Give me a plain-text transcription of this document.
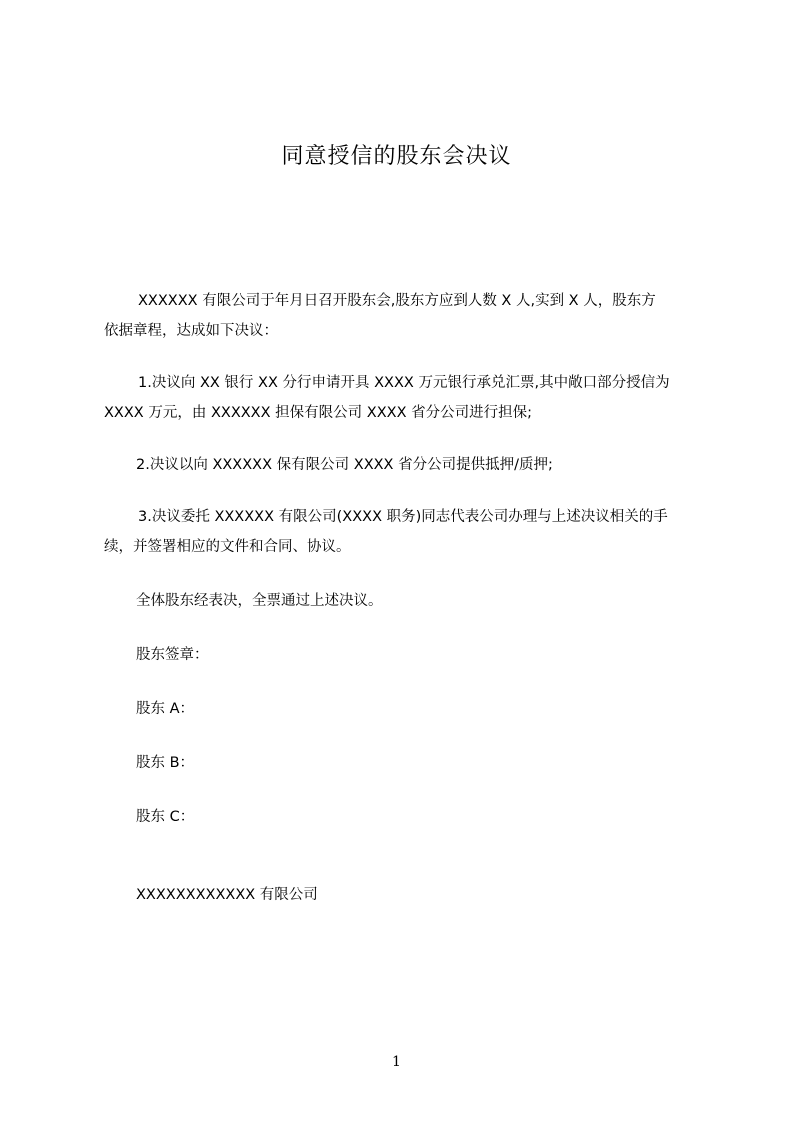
同意授信的股东会决议

XXXXXX 有限公司于年月日召开股东会,股东方应到人数 X 人,实到 X 人，股东方
依据章程，达成如下决议：

1.决议向 XX 银行 XX 分行申请开具 XXXX 万元银行承兑汇票,其中敞口部分授信为
XXXX 万元，由 XXXXXX 担保有限公司 XXXX 省分公司进行担保;

2.决议以向 XXXXXX 保有限公司 XXXX 省分公司提供抵押/质押;

3.决议委托 XXXXXX 有限公司(XXXX 职务)同志代表公司办理与上述决议相关的手
续，并签署相应的文件和合同、协议。

全体股东经表决，全票通过上述决议。

股东签章：

股东 A：

股东 B：

股东 C：

XXXXXXXXXXXX 有限公司

1
